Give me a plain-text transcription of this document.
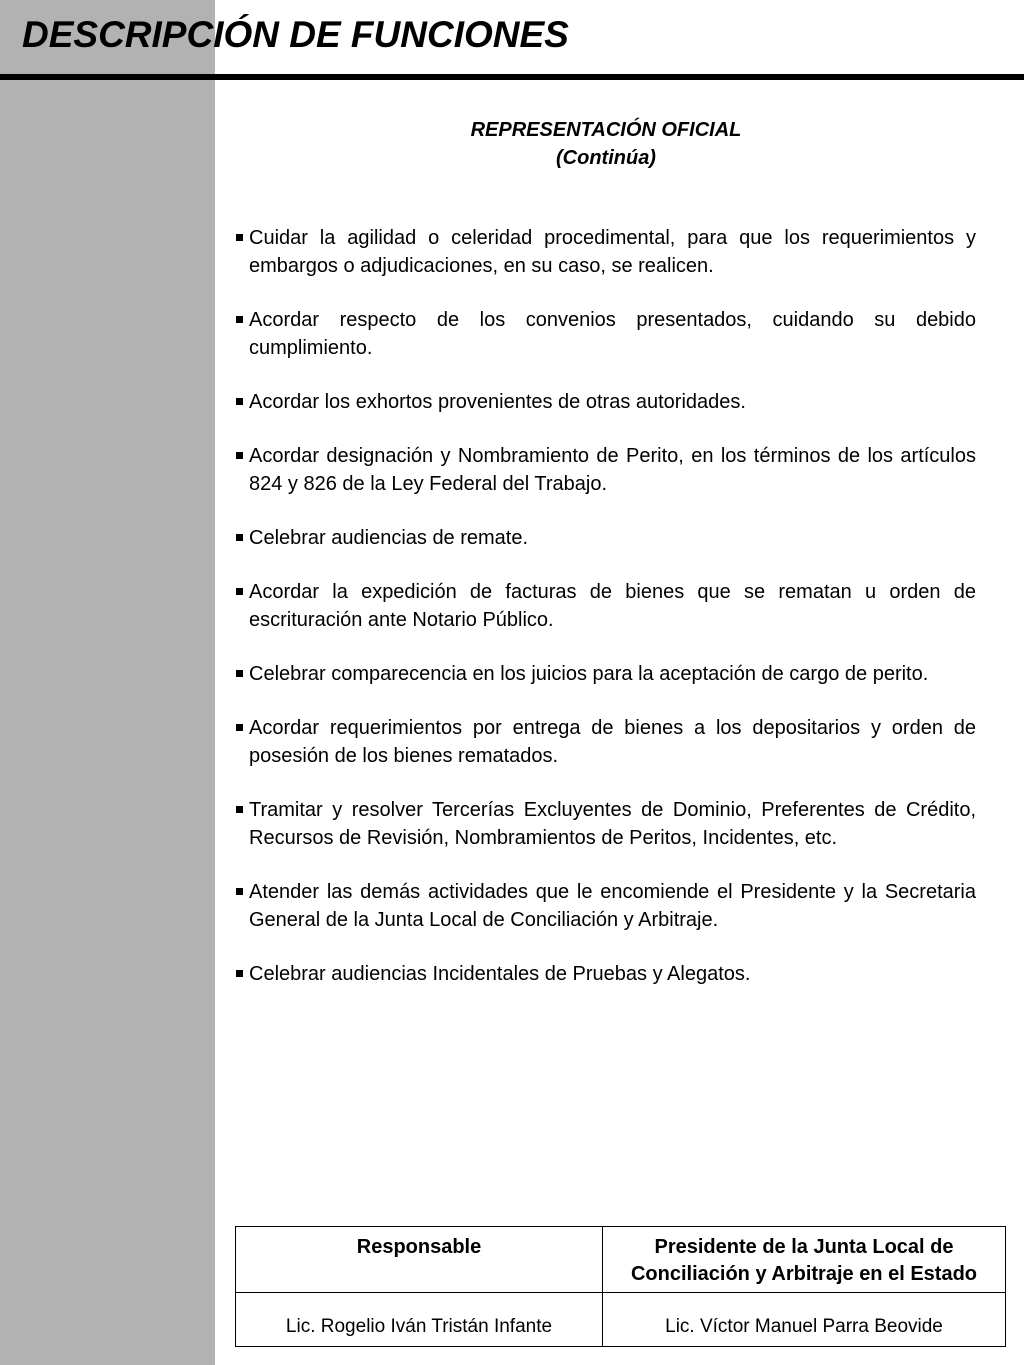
DESCRIPCIÓN DE FUNCIONES
REPRESENTACIÓN OFICIAL
(Continúa)
Cuidar la agilidad o celeridad procedimental, para que los requerimientos y embargos o adjudicaciones, en su caso, se realicen.
Acordar respecto de los convenios presentados, cuidando su debido cumplimiento.
Acordar los exhortos provenientes de otras autoridades.
Acordar designación y Nombramiento de Perito, en los términos de los artículos 824 y 826 de la Ley Federal del Trabajo.
Celebrar audiencias de remate.
Acordar la expedición de facturas de bienes que se rematan u orden de escrituración ante Notario Público.
Celebrar comparecencia en los juicios para la aceptación de cargo de perito.
Acordar requerimientos por entrega de bienes a los depositarios y orden de posesión de los bienes rematados.
Tramitar y resolver Tercerías Excluyentes de Dominio, Preferentes de Crédito, Recursos de Revisión, Nombramientos de Peritos, Incidentes, etc.
Atender las demás actividades que le encomiende el Presidente y la Secretaria General de la Junta Local de Conciliación y Arbitraje.
Celebrar audiencias Incidentales de Pruebas y Alegatos.
Responsable	Presidente de la Junta Local de
Conciliación y Arbitraje en el Estado

Lic. Rogelio Iván Tristán Infante	Lic. Víctor Manuel Parra Beovide
